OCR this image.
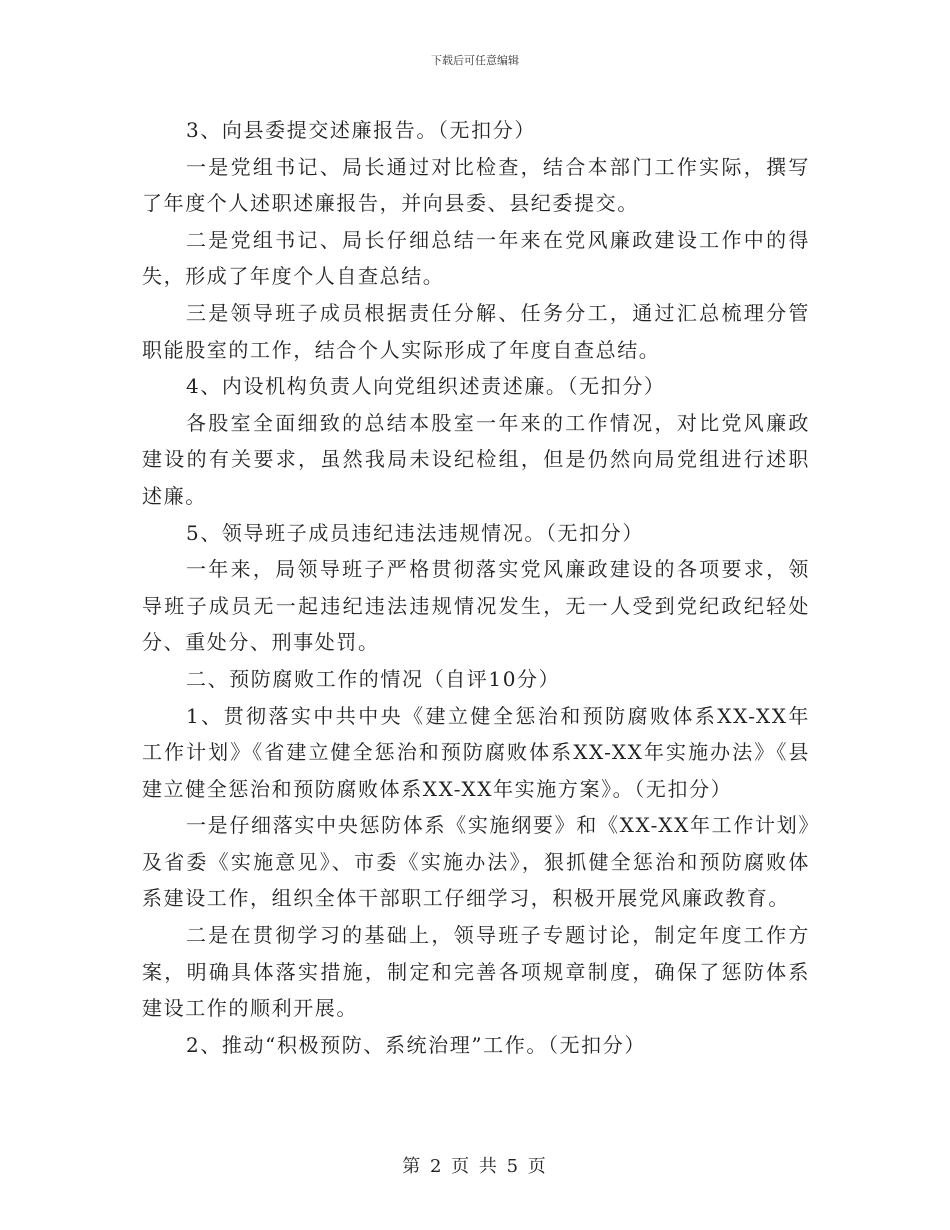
下载后可任意编辑

3、向县委提交述廉报告。（无扣分）

一是党组书记、局长通过对比检查，结合本部门工作实际，撰写了年度个人述职述廉报告，并向县委、县纪委提交。

二是党组书记、局长仔细总结一年来在党风廉政建设工作中的得失，形成了年度个人自查总结。

三是领导班子成员根据责任分解、任务分工，通过汇总梳理分管职能股室的工作，结合个人实际形成了年度自查总结。

4、内设机构负责人向党组织述责述廉。（无扣分）

各股室全面细致的总结本股室一年来的工作情况，对比党风廉政建设的有关要求，虽然我局未设纪检组，但是仍然向局党组进行述职述廉。

5、领导班子成员违纪违法违规情况。（无扣分）

一年来，局领导班子严格贯彻落实党风廉政建设的各项要求，领导班子成员无一起违纪违法违规情况发生，无一人受到党纪政纪轻处分、重处分、刑事处罚。

二、预防腐败工作的情况（自评10分）

1、贯彻落实中共中央《建立健全惩治和预防腐败体系XX-XX年工作计划》《省建立健全惩治和预防腐败体系XX-XX年实施办法》《县建立健全惩治和预防腐败体系XX-XX年实施方案》。（无扣分）

一是仔细落实中央惩防体系《实施纲要》和《XX-XX年工作计划》及省委《实施意见》、市委《实施办法》，狠抓健全惩治和预防腐败体系建设工作，组织全体干部职工仔细学习，积极开展党风廉政教育。

二是在贯彻学习的基础上，领导班子专题讨论，制定年度工作方案，明确具体落实措施，制定和完善各项规章制度，确保了惩防体系建设工作的顺利开展。

2、推动“积极预防、系统治理”工作。（无扣分）

第 2 页 共 5 页
